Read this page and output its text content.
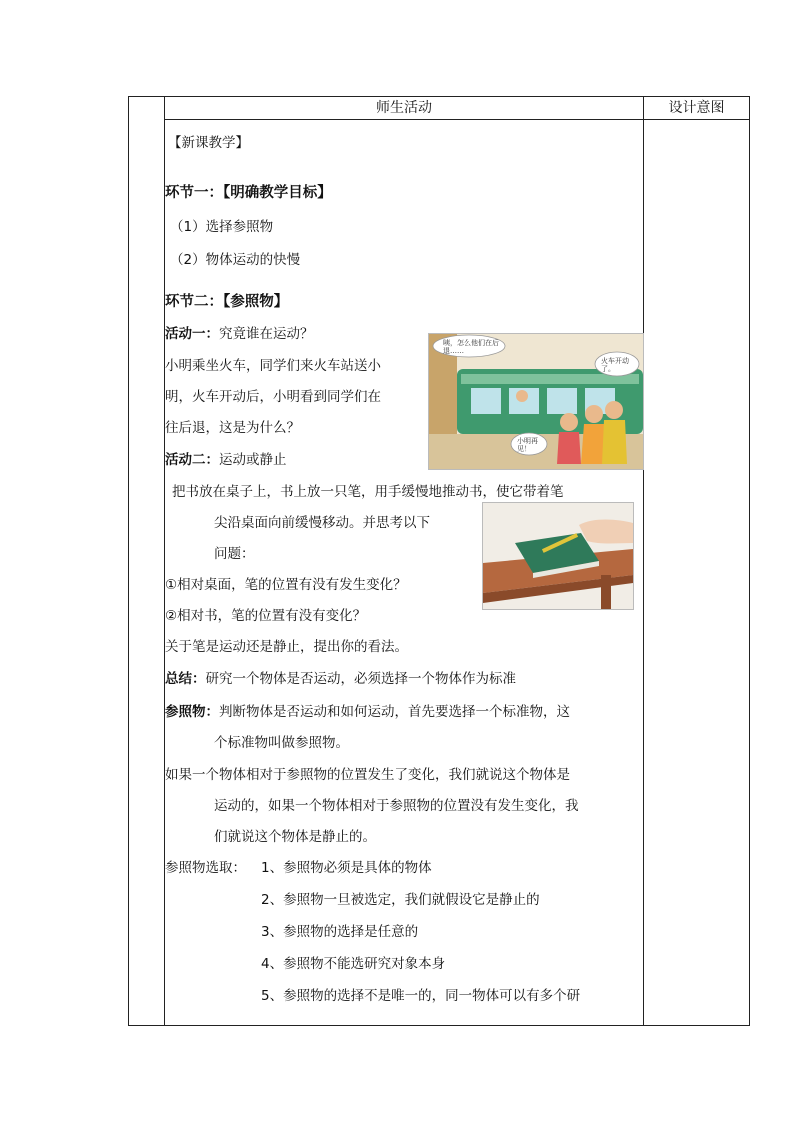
师生活动	设计意图
【新课教学】
环节一：【明确教学目标】
（1）选择参照物
（2）物体运动的快慢
环节二：【参照物】
活动一：究竟谁在运动？
小明乘坐火车，同学们来火车站送小
明，火车开动后，小明看到同学们在
往后退，这是为什么？
咦，怎么他们在后退……
火车开动了。
小明再见！
活动二：运动或静止
把书放在桌子上，书上放一只笔，用手缓慢地推动书，使它带着笔
尖沿桌面向前缓慢移动。并思考以下
问题：
①相对桌面，笔的位置有没有发生变化？
②相对书，笔的位置有没有变化？
关于笔是运动还是静止，提出你的看法。
总结：研究一个物体是否运动，必须选择一个物体作为标准
参照物：判断物体是否运动和如何运动，首先要选择一个标准物，这
个标准物叫做参照物。
如果一个物体相对于参照物的位置发生了变化，我们就说这个物体是
运动的，如果一个物体相对于参照物的位置没有发生变化，我
们就说这个物体是静止的。
参照物选取： 1、参照物必须是具体的物体
2、参照物一旦被选定，我们就假设它是静止的
3、参照物的选择是任意的
4、参照物不能选研究对象本身
5、参照物的选择不是唯一的，同一物体可以有多个研
